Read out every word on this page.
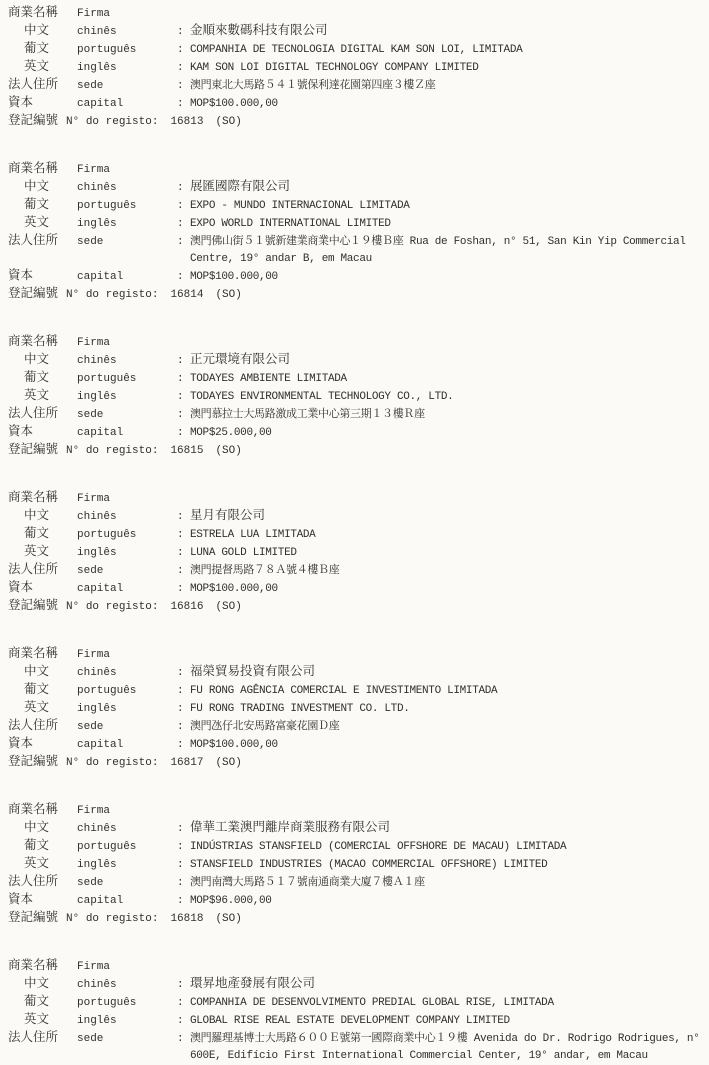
商業名稱	Firma
中文	chinês	: 金順來數碼科技有限公司
葡文	português	: COMPANHIA DE TECNOLOGIA DIGITAL KAM SON LOI, LIMITADA
英文	inglês	: KAM SON LOI DIGITAL TECHNOLOGY COMPANY LIMITED
法人住所	sede	: 澳門東北大馬路５４１號保利達花園第四座３樓Ｚ座
資本	capital	: MOP$100.000,00
登記編號 N° do registo: 16813 (SO)
商業名稱	Firma
中文	chinês	: 展匯國際有限公司
葡文	português	: EXPO - MUNDO INTERNACIONAL LIMITADA
英文	inglês	: EXPO WORLD INTERNATIONAL LIMITED
法人住所	sede	: 澳門佛山街５１號新建業商業中心１９樓Ｂ座 Rua de Foshan, n° 51, San Kin Yip Commercial Centre, 19° andar B, em Macau
資本	capital	: MOP$100.000,00
登記編號 N° do registo: 16814 (SO)
商業名稱	Firma
中文	chinês	: 正元環境有限公司
葡文	português	: TODAYES AMBIENTE LIMITADA
英文	inglês	: TODAYES ENVIRONMENTAL TECHNOLOGY CO., LTD.
法人住所	sede	: 澳門慕拉士大馬路激成工業中心第三期１３樓Ｒ座
資本	capital	: MOP$25.000,00
登記編號 N° do registo: 16815 (SO)
商業名稱	Firma
中文	chinês	: 星月有限公司
葡文	português	: ESTRELA LUA LIMITADA
英文	inglês	: LUNA GOLD LIMITED
法人住所	sede	: 澳門提督馬路７８Ａ號４樓Ｂ座
資本	capital	: MOP$100.000,00
登記編號 N° do registo: 16816 (SO)
商業名稱	Firma
中文	chinês	: 福榮貿易投資有限公司
葡文	português	: FU RONG AGÊNCIA COMERCIAL E INVESTIMENTO LIMITADA
英文	inglês	: FU RONG TRADING INVESTMENT CO. LTD.
法人住所	sede	: 澳門氹仔北安馬路富豪花園Ｄ座
資本	capital	: MOP$100.000,00
登記編號 N° do registo: 16817 (SO)
商業名稱	Firma
中文	chinês	: 偉華工業澳門離岸商業服務有限公司
葡文	português	: INDÚSTRIAS STANSFIELD (COMERCIAL OFFSHORE DE MACAU) LIMITADA
英文	inglês	: STANSFIELD INDUSTRIES (MACAO COMMERCIAL OFFSHORE) LIMITED
法人住所	sede	: 澳門南灣大馬路５１７號南通商業大廈７樓Ａ１座
資本	capital	: MOP$96.000,00
登記編號 N° do registo: 16818 (SO)
商業名稱	Firma
中文	chinês	: 環昇地產發展有限公司
葡文	português	: COMPANHIA DE DESENVOLVIMENTO PREDIAL GLOBAL RISE, LIMITADA
英文	inglês	: GLOBAL RISE REAL ESTATE DEVELOPMENT COMPANY LIMITED
法人住所	sede	: 澳門羅理基博士大馬路６００Ｅ號第一國際商業中心１９樓 Avenida do Dr. Rodrigo Rodrigues, n° 600E, Edifício First International Commercial Center, 19° andar, em Macau
